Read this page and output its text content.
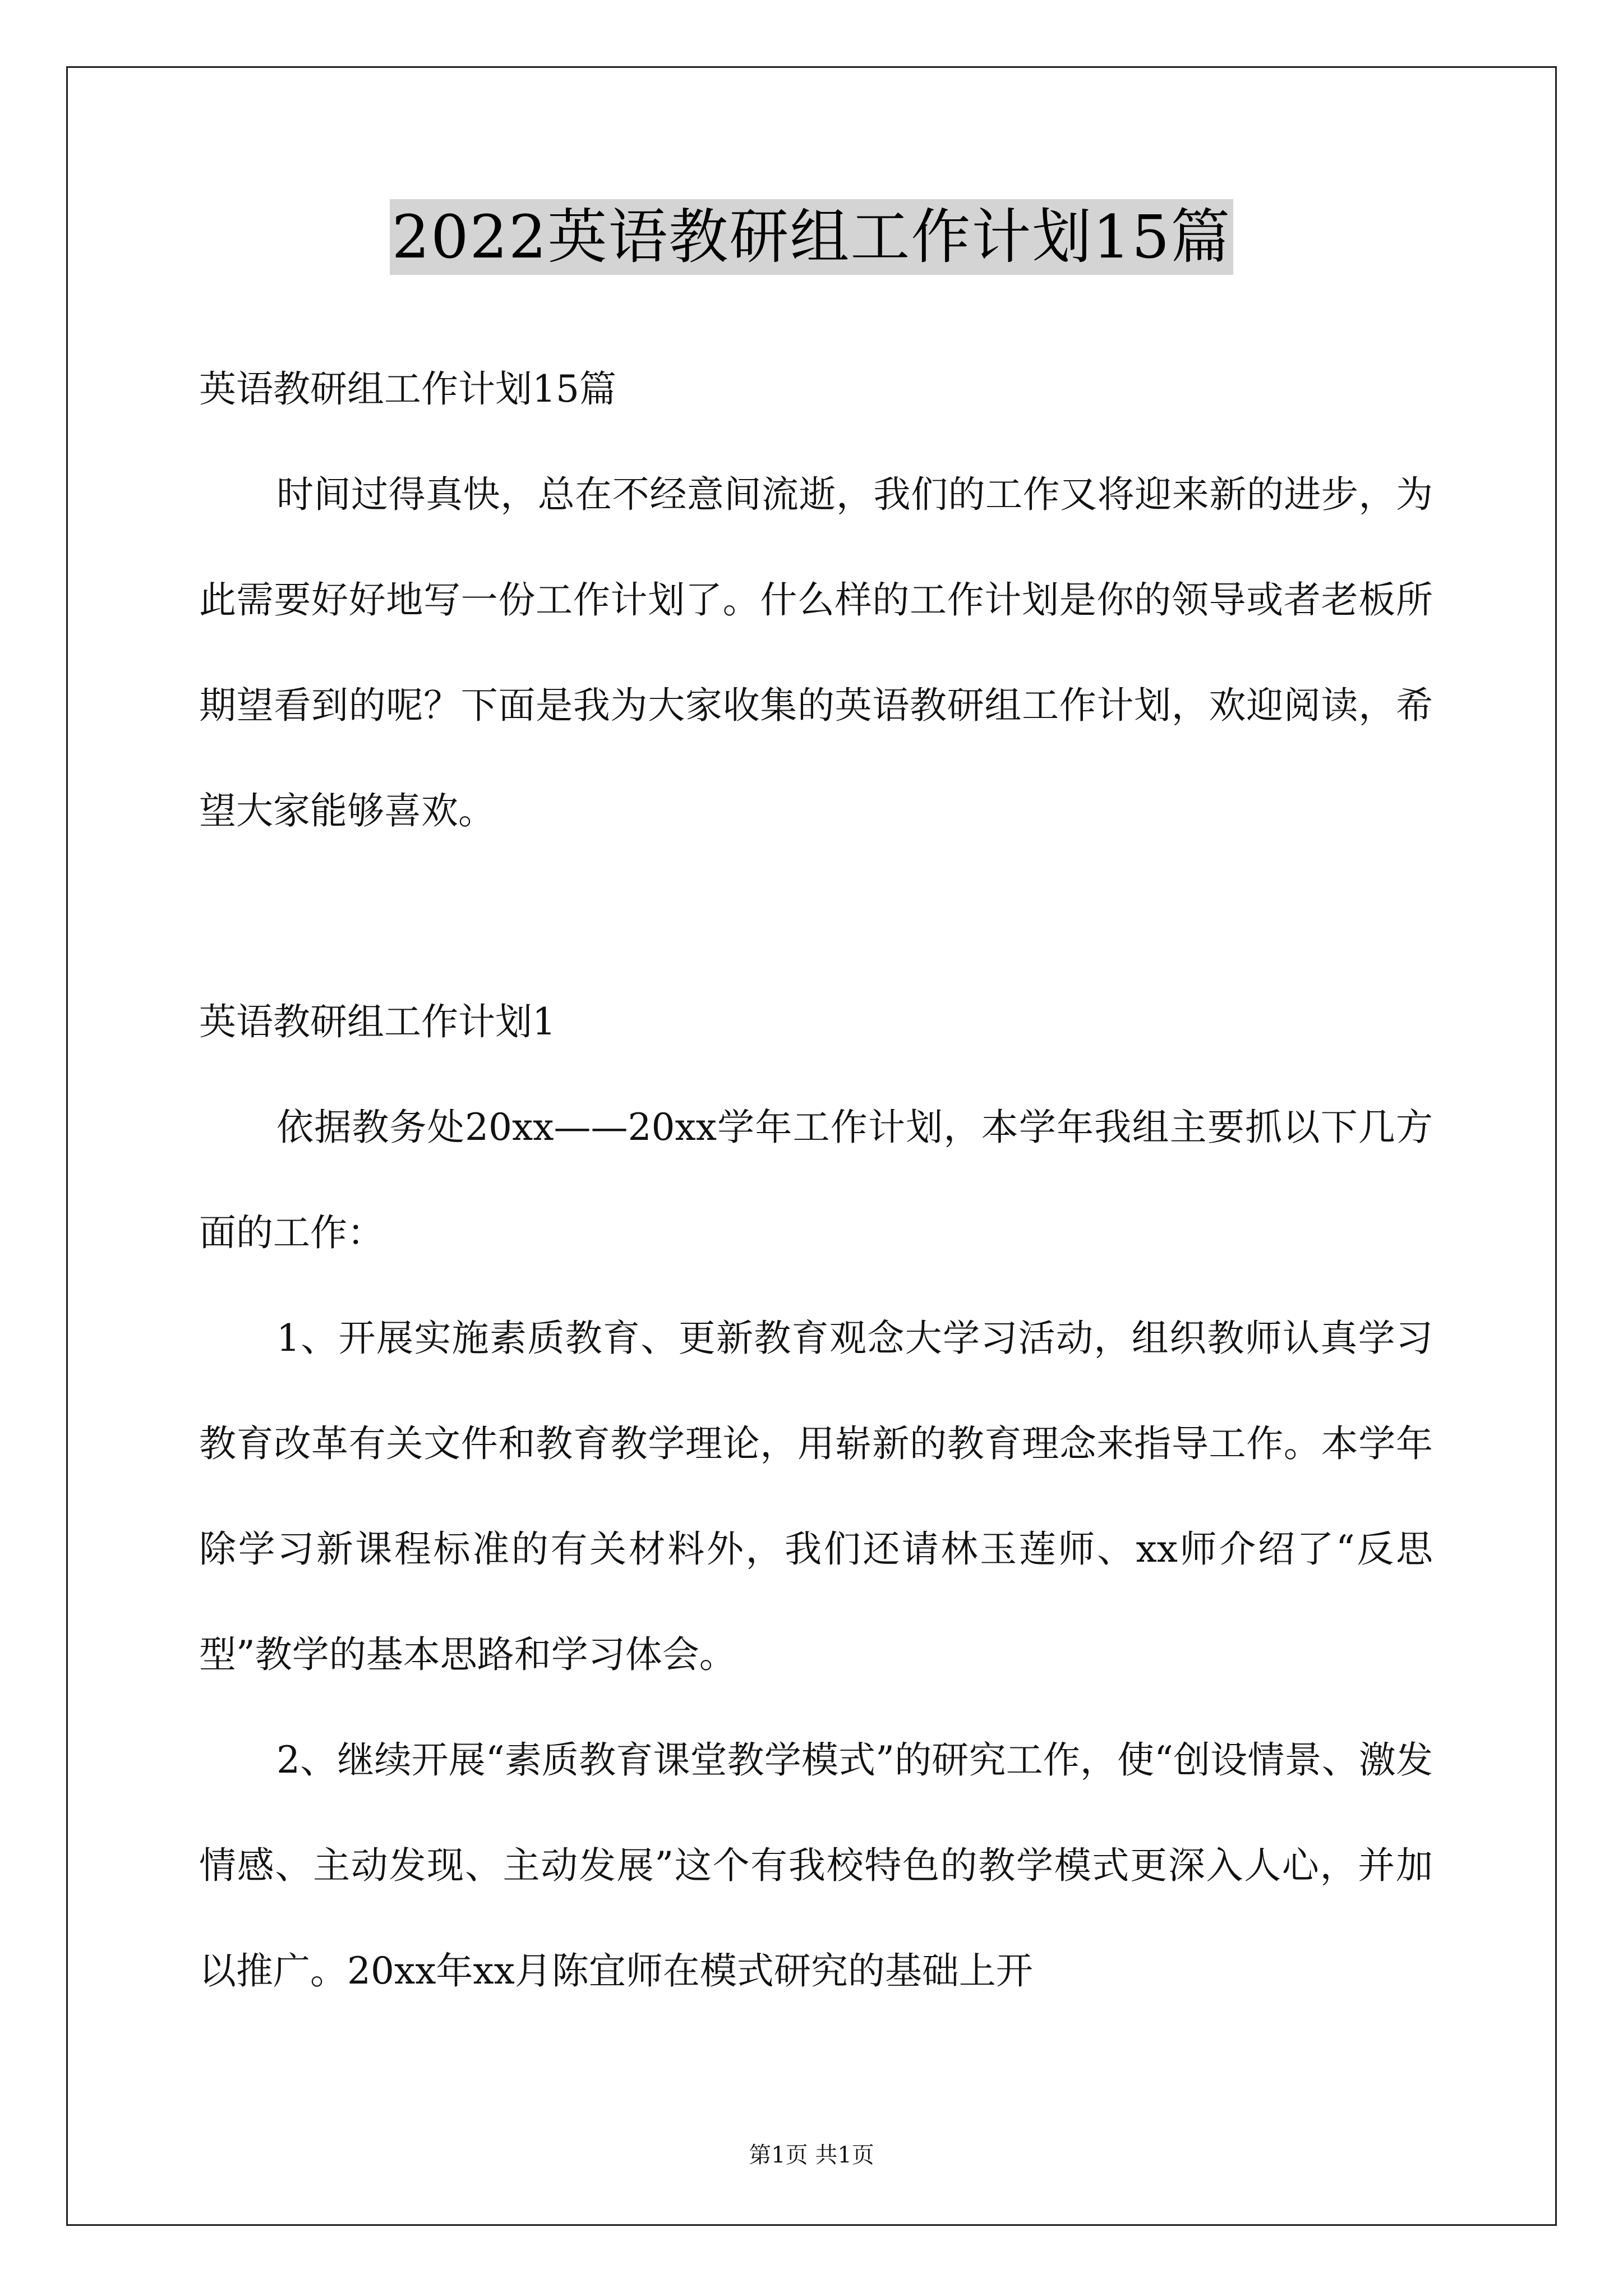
2022英语教研组工作计划15篇

英语教研组工作计划15篇

时间过得真快，总在不经意间流逝，我们的工作又将迎来新的进步，为此需要好好地写一份工作计划了。什么样的工作计划是你的领导或者老板所期望看到的呢？下面是我为大家收集的英语教研组工作计划，欢迎阅读，希望大家能够喜欢。

英语教研组工作计划1

依据教务处20xx——20xx学年工作计划，本学年我组主要抓以下几方面的工作：

1、开展实施素质教育、更新教育观念大学习活动，组织教师认真学习教育改革有关文件和教育教学理论，用崭新的教育理念来指导工作。本学年除学习新课程标准的有关材料外，我们还请林玉莲师、xx师介绍了“反思型”教学的基本思路和学习体会。

2、继续开展“素质教育课堂教学模式”的研究工作，使“创设情景、激发情感、主动发现、主动发展”这个有我校特色的教学模式更深入人心，并加以推广。20xx年xx月陈宜师在模式研究的基础上开

第1页 共1页
